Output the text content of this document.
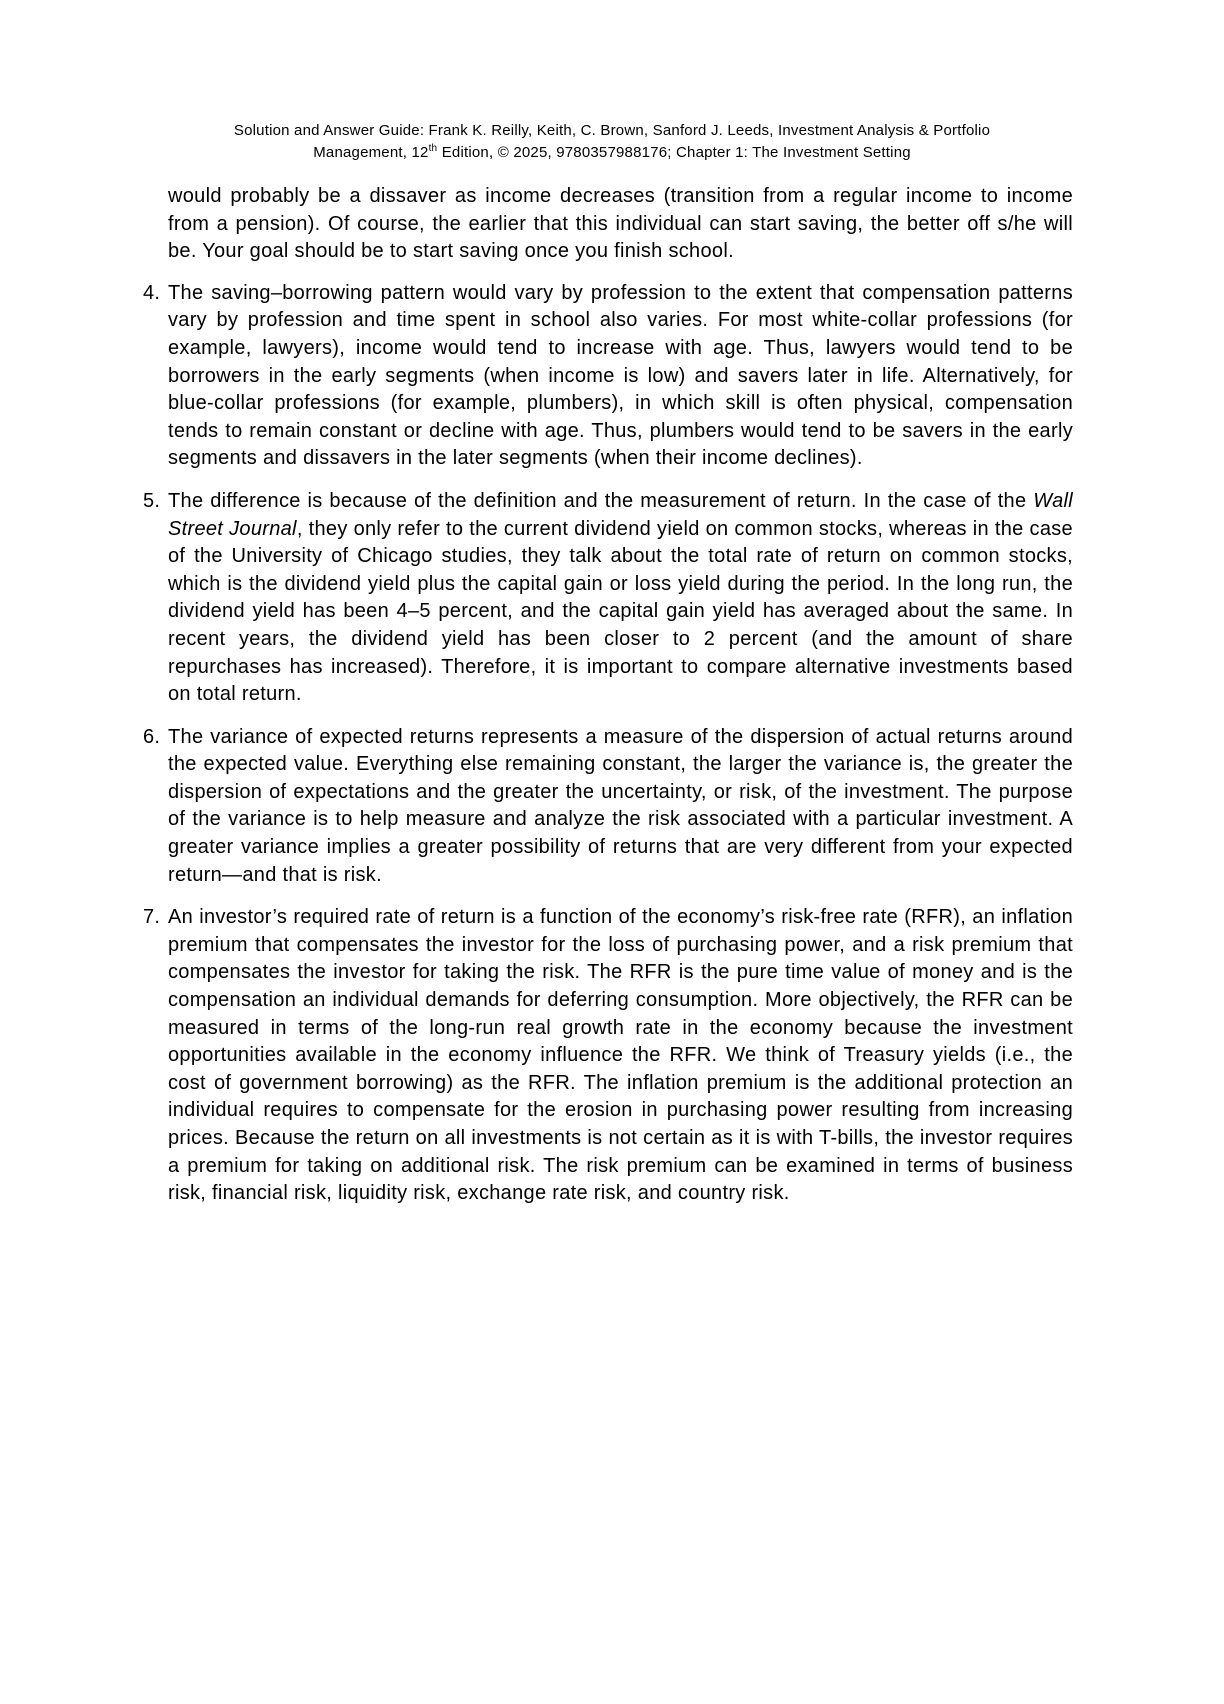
Solution and Answer Guide: Frank K. Reilly, Keith, C. Brown, Sanford J. Leeds, Investment Analysis & Portfolio
Management, 12th Edition, © 2025, 9780357988176; Chapter 1: The Investment Setting

would probably be a dissaver as income decreases (transition from a regular income to income from a pension). Of course, the earlier that this individual can start saving, the better off s/he will be. Your goal should be to start saving once you finish school.

4. The saving–borrowing pattern would vary by profession to the extent that compensation patterns vary by profession and time spent in school also varies. For most white-collar professions (for example, lawyers), income would tend to increase with age. Thus, lawyers would tend to be borrowers in the early segments (when income is low) and savers later in life. Alternatively, for blue-collar professions (for example, plumbers), in which skill is often physical, compensation tends to remain constant or decline with age. Thus, plumbers would tend to be savers in the early segments and dissavers in the later segments (when their income declines).
5. The difference is because of the definition and the measurement of return. In the case of the Wall Street Journal, they only refer to the current dividend yield on common stocks, whereas in the case of the University of Chicago studies, they talk about the total rate of return on common stocks, which is the dividend yield plus the capital gain or loss yield during the period. In the long run, the dividend yield has been 4–5 percent, and the capital gain yield has averaged about the same. In recent years, the dividend yield has been closer to 2 percent (and the amount of share repurchases has increased). Therefore, it is important to compare alternative investments based on total return.
6. The variance of expected returns represents a measure of the dispersion of actual returns around the expected value. Everything else remaining constant, the larger the variance is, the greater the dispersion of expectations and the greater the uncertainty, or risk, of the investment. The purpose of the variance is to help measure and analyze the risk associated with a particular investment. A greater variance implies a greater possibility of returns that are very different from your expected return—and that is risk.
7. An investor’s required rate of return is a function of the economy’s risk-free rate (RFR), an inflation premium that compensates the investor for the loss of purchasing power, and a risk premium that compensates the investor for taking the risk. The RFR is the pure time value of money and is the compensation an individual demands for deferring consumption. More objectively, the RFR can be measured in terms of the long-run real growth rate in the economy because the investment opportunities available in the economy influence the RFR. We think of Treasury yields (i.e., the cost of government borrowing) as the RFR. The inflation premium is the additional protection an individual requires to compensate for the erosion in purchasing power resulting from increasing prices. Because the return on all investments is not certain as it is with T-bills, the investor requires a premium for taking on additional risk. The risk premium can be examined in terms of business risk, financial risk, liquidity risk, exchange rate risk, and country risk.
